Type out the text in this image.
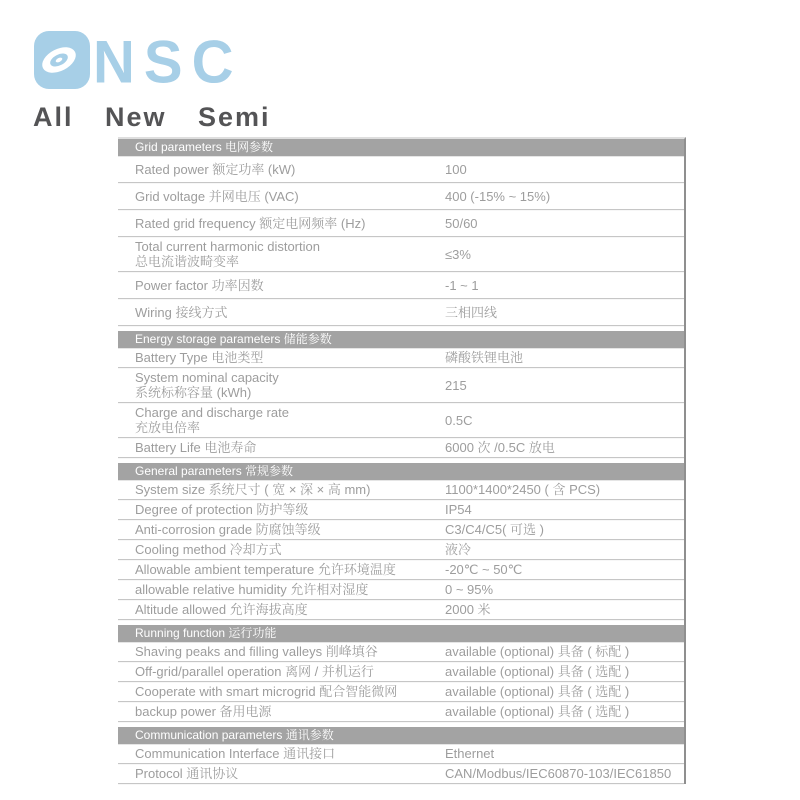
NSC
All New Semi
Grid parameters 电网参数
Rated power 额定功率 (kW)	100
Grid voltage 并网电压 (VAC)	400 (-15% ~ 15%)
Rated grid frequency 额定电网频率 (Hz)	50/60
Total current harmonic distortion
总电流谐波畸变率	≤3%
Power factor 功率因数	-1 ~ 1
Wiring 接线方式	三相四线
Energy storage parameters 储能参数
Battery Type 电池类型	磷酸铁锂电池
System nominal capacity
系统标称容量 (kWh)	215
Charge and discharge rate
充放电倍率	0.5C
Battery Life 电池寿命	6000 次 /0.5C 放电
General parameters 常规参数
System size 系统尺寸 ( 宽 × 深 × 高 mm)	1100*1400*2450 ( 含 PCS)
Degree of protection 防护等级	IP54
Anti-corrosion grade 防腐蚀等级	C3/C4/C5( 可选 )
Cooling method 冷却方式	液冷
Allowable ambient temperature 允许环境温度	-20℃ ~ 50℃
allowable relative humidity 允许相对湿度	0 ~ 95%
Altitude allowed 允许海拔高度	2000 米
Running function 运行功能
Shaving peaks and filling valleys 削峰填谷	available (optional) 具备 ( 标配 )
Off-grid/parallel operation 离网 / 并机运行	available (optional) 具备 ( 选配 )
Cooperate with smart microgrid 配合智能微网	available (optional) 具备 ( 选配 )
backup power 备用电源	available (optional) 具备 ( 选配 )
Communication parameters 通讯参数
Communication Interface 通讯接口	Ethernet
Protocol 通讯协议	CAN/Modbus/IEC60870-103/IEC61850
